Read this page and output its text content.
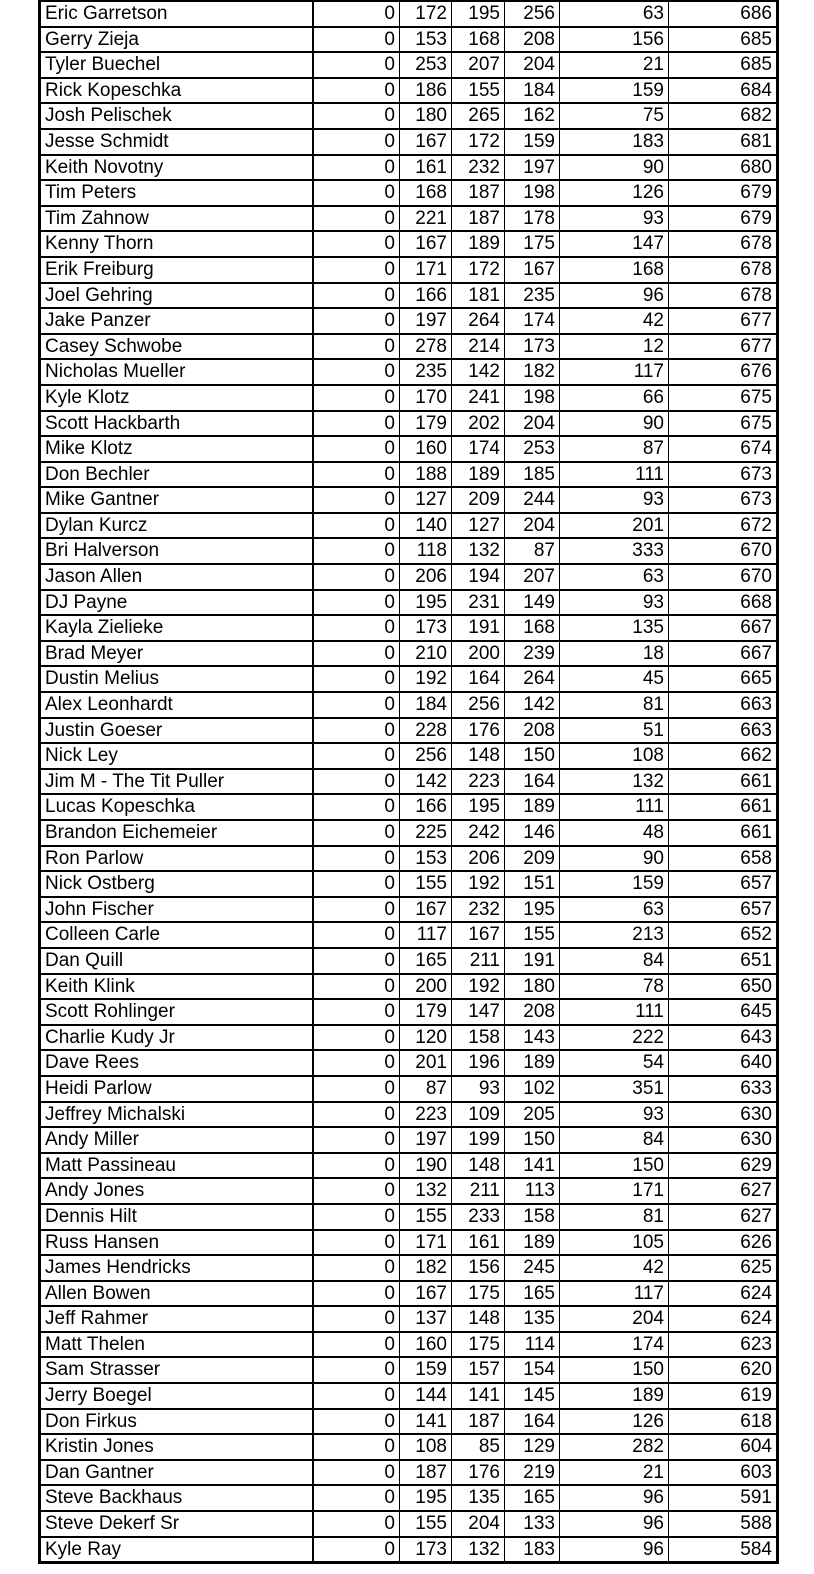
Eric Garretson	0	172	195	256	63	686
Gerry Zieja	0	153	168	208	156	685
Tyler Buechel	0	253	207	204	21	685
Rick Kopeschka	0	186	155	184	159	684
Josh Pelischek	0	180	265	162	75	682
Jesse Schmidt	0	167	172	159	183	681
Keith Novotny	0	161	232	197	90	680
Tim Peters	0	168	187	198	126	679
Tim Zahnow	0	221	187	178	93	679
Kenny Thorn	0	167	189	175	147	678
Erik Freiburg	0	171	172	167	168	678
Joel Gehring	0	166	181	235	96	678
Jake Panzer	0	197	264	174	42	677
Casey Schwobe	0	278	214	173	12	677
Nicholas Mueller	0	235	142	182	117	676
Kyle Klotz	0	170	241	198	66	675
Scott Hackbarth	0	179	202	204	90	675
Mike Klotz	0	160	174	253	87	674
Don Bechler	0	188	189	185	111	673
Mike Gantner	0	127	209	244	93	673
Dylan Kurcz	0	140	127	204	201	672
Bri Halverson	0	118	132	87	333	670
Jason Allen	0	206	194	207	63	670
DJ Payne	0	195	231	149	93	668
Kayla Zielieke	0	173	191	168	135	667
Brad Meyer	0	210	200	239	18	667
Dustin Melius	0	192	164	264	45	665
Alex Leonhardt	0	184	256	142	81	663
Justin Goeser	0	228	176	208	51	663
Nick Ley	0	256	148	150	108	662
Jim M - The Tit Puller	0	142	223	164	132	661
Lucas Kopeschka	0	166	195	189	111	661
Brandon Eichemeier	0	225	242	146	48	661
Ron Parlow	0	153	206	209	90	658
Nick Ostberg	0	155	192	151	159	657
John Fischer	0	167	232	195	63	657
Colleen Carle	0	117	167	155	213	652
Dan Quill	0	165	211	191	84	651
Keith Klink	0	200	192	180	78	650
Scott Rohlinger	0	179	147	208	111	645
Charlie Kudy Jr	0	120	158	143	222	643
Dave Rees	0	201	196	189	54	640
Heidi Parlow	0	87	93	102	351	633
Jeffrey Michalski	0	223	109	205	93	630
Andy Miller	0	197	199	150	84	630
Matt Passineau	0	190	148	141	150	629
Andy Jones	0	132	211	113	171	627
Dennis Hilt	0	155	233	158	81	627
Russ Hansen	0	171	161	189	105	626
James Hendricks	0	182	156	245	42	625
Allen Bowen	0	167	175	165	117	624
Jeff Rahmer	0	137	148	135	204	624
Matt Thelen	0	160	175	114	174	623
Sam Strasser	0	159	157	154	150	620
Jerry Boegel	0	144	141	145	189	619
Don Firkus	0	141	187	164	126	618
Kristin Jones	0	108	85	129	282	604
Dan Gantner	0	187	176	219	21	603
Steve Backhaus	0	195	135	165	96	591
Steve Dekerf Sr	0	155	204	133	96	588
Kyle Ray	0	173	132	183	96	584
